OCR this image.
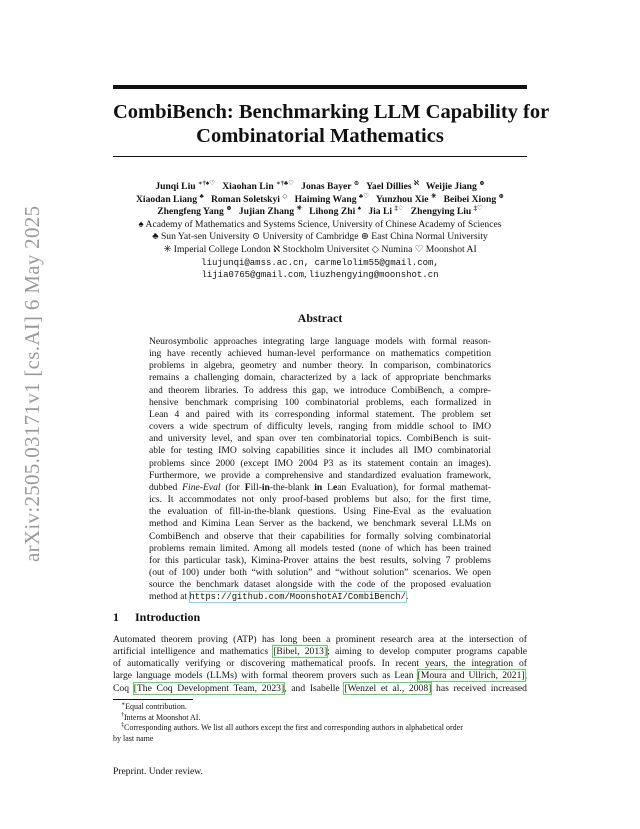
arXiv:2505.03171v1 [cs.AI] 6 May 2025
CombiBench: Benchmarking LLM Capability for
Combinatorial Mathematics
Junqi Liu ∗†♠♡ Xiaohan Lin ∗†♣♡ Jonas Bayer ⊙ Yael Dillies $^ℵ$ Weijie Jiang ⊛
Xiaodan Liang ♣ Roman Soletskyi ◇ Haiming Wang ♣♡ Yunzhou Xie ✳ Beibei Xiong ⊛
Zhengfeng Yang ⊛ Jujian Zhang ✳ Lihong Zhi ♠ Jia Li ‡♢ Zhengying Liu ‡♡
♠ Academy of Mathematics and Systems Science, University of Chinese Academy of Sciences
♣ Sun Yat-sen University ⊙ University of Cambridge ⊛ East China Normal University
✳ Imperial College London ℵ Stockholm Universitet ◇ Numina ♡ Moonshot AI
liujunqi@amss.ac.cn, carmelolim55@gmail.com,
lijia0765@gmail.com, liuzhengying@moonshot.cn
Abstract
Neurosymbolic approaches integrating large language models with formal reason-
ing have recently achieved human-level performance on mathematics competition
problems in algebra, geometry and number theory. In comparison, combinatorics
remains a challenging domain, characterized by a lack of appropriate benchmarks
and theorem libraries. To address this gap, we introduce CombiBench, a compre-
hensive benchmark comprising 100 combinatorial problems, each formalized in
Lean 4 and paired with its corresponding informal statement. The problem set
covers a wide spectrum of difficulty levels, ranging from middle school to IMO
and university level, and span over ten combinatorial topics. CombiBench is suit-
able for testing IMO solving capabilities since it includes all IMO combinatorial
problems since 2000 (except IMO 2004 P3 as its statement contain an images).
Furthermore, we provide a comprehensive and standardized evaluation framework,
dubbed Fine-Eval (for Fill-in-the-blank in Lean Evaluation), for formal mathemat-
ics. It accommodates not only proof-based problems but also, for the first time,
the evaluation of fill-in-the-blank questions. Using Fine-Eval as the evaluation
method and Kimina Lean Server as the backend, we benchmark several LLMs on
CombiBench and observe that their capabilities for formally solving combinatorial
problems remain limited. Among all models tested (none of which has been trained
for this particular task), Kimina-Prover attains the best results, solving 7 problems
(out of 100) under both “with solution” and “without solution” scenarios. We open
source the benchmark dataset alongside with the code of the proposed evaluation
method at https://github.com/MoonshotAI/CombiBench/.
1 Introduction
Automated theorem proving (ATP) has long been a prominent research area at the intersection of
artificial intelligence and mathematics [Bibel, 2013]; aiming to develop computer programs capable
of automatically verifying or discovering mathematical proofs. In recent years, the integration of
large language models (LLMs) with formal theorem provers such as Lean [Moura and Ullrich, 2021],
Coq [The Coq Development Team, 2023], and Isabelle [Wenzel et al., 2008] has received increased
∗Equal contribution.
†Interns at Moonshot AI.
‡Corresponding authors. We list all authors except the first and corresponding authors in alphabetical order
by last name
Preprint. Under review.
